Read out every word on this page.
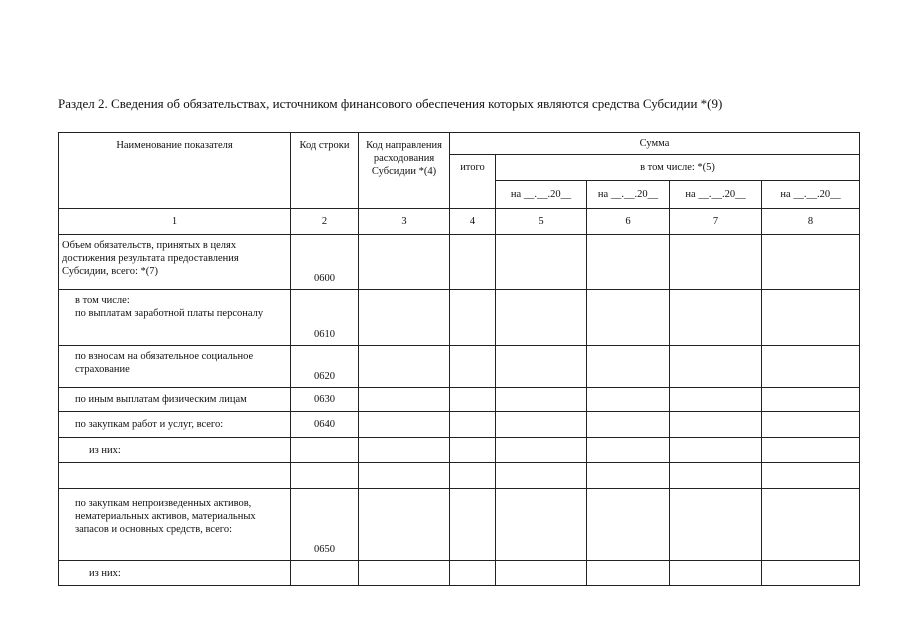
Раздел 2. Сведения об обязательствах, источником финансового обеспечения которых являются средства Субсидии *(9)
Наименование показателя	Код строки	Код направления расходования Субсидии *(4)	Сумма				
			итого	в том числе: *(5)			
				на __.__.20__	на __.__.20__	на __.__.20__	на __.__.20__
1	2	3	4	5	6	7	8
Объем обязательств, принятых в целях достижения результата предоставления Субсидии, всего: *(7)	0600						
в том числе:
по выплатам заработной платы персоналу	0610						
по взносам на обязательное социальное страхование	0620						
по иным выплатам физическим лицам	0630						
по закупкам работ и услуг, всего:	0640						
из них:							

по закупкам непроизведенных активов, нематериальных активов, материальных запасов и основных средств, всего:	0650						
из них:							
